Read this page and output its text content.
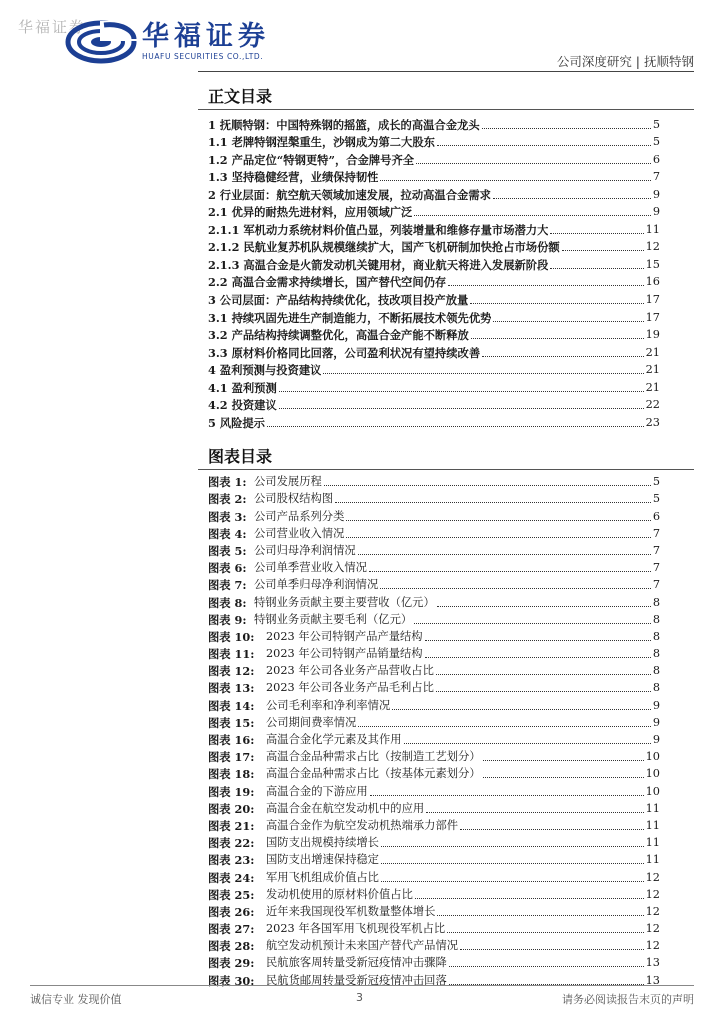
华福证券 华福证券
HUAFU SECURITIES CO.,LTD.	公司深度研究 | 抚顺特钢
正文目录
1 抚顺特钢：中国特殊钢的摇篮，成长的高温合金龙头	5
1.1 老牌特钢涅槃重生，沙钢成为第二大股东	5
1.2 产品定位“特钢更特”，合金牌号齐全	6
1.3 坚持稳健经营，业绩保持韧性	7
2 行业层面：航空航天领域加速发展，拉动高温合金需求	9
2.1 优异的耐热先进材料，应用领域广泛	9
2.1.1 军机动力系统材料价值凸显，列装增量和维修存量市场潜力大	11
2.1.2 民航业复苏机队规模继续扩大，国产飞机研制加快抢占市场份额	12
2.1.3 高温合金是火箭发动机关键用材，商业航天将进入发展新阶段	15
2.2 高温合金需求持续增长，国产替代空间仍存	16
3 公司层面：产品结构持续优化，技改项目投产放量	17
3.1 持续巩固先进生产制造能力，不断拓展技术领先优势	17
3.2 产品结构持续调整优化，高温合金产能不断释放	19
3.3 原材料价格同比回落，公司盈利状况有望持续改善	21
4 盈利预测与投资建议	21
4.1 盈利预测	21
4.2 投资建议	22
5 风险提示	23
图表目录
图表 1: 公司发展历程	5
图表 2: 公司股权结构图	5
图表 3: 公司产品系列分类	6
图表 4: 公司营业收入情况	7
图表 5: 公司归母净利润情况	7
图表 6: 公司单季营业收入情况	7
图表 7: 公司单季归母净利润情况	7
图表 8: 特钢业务贡献主要主要营收（亿元）	8
图表 9: 特钢业务贡献主要毛利（亿元）	8
图表 10:	2023 年公司特钢产品产量结构	8
图表 11:	2023 年公司特钢产品销量结构	8
图表 12:	2023 年公司各业务产品营收占比	8
图表 13:	2023 年公司各业务产品毛利占比	8
图表 14:	公司毛利率和净利率情况	9
图表 15:	公司期间费率情况	9
图表 16:	高温合金化学元素及其作用	9
图表 17:	高温合金品种需求占比（按制造工艺划分）	10
图表 18:	高温合金品种需求占比（按基体元素划分）	10
图表 19:	高温合金的下游应用	10
图表 20:	高温合金在航空发动机中的应用	11
图表 21:	高温合金作为航空发动机热端承力部件	11
图表 22:	国防支出规模持续增长	11
图表 23:	国防支出增速保持稳定	11
图表 24:	军用飞机组成价值占比	12
图表 25:	发动机使用的原材料价值占比	12
图表 26:	近年来我国现役军机数量整体增长	12
图表 27:	2023 年各国军用飞机现役军机占比	12
图表 28:	航空发动机预计未来国产替代产品情况	12
图表 29:	民航旅客周转量受新冠疫情冲击骤降	13
图表 30:	民航货邮周转量受新冠疫情冲击回落	13
诚信专业 发现价值	3	请务必阅读报告末页的声明
